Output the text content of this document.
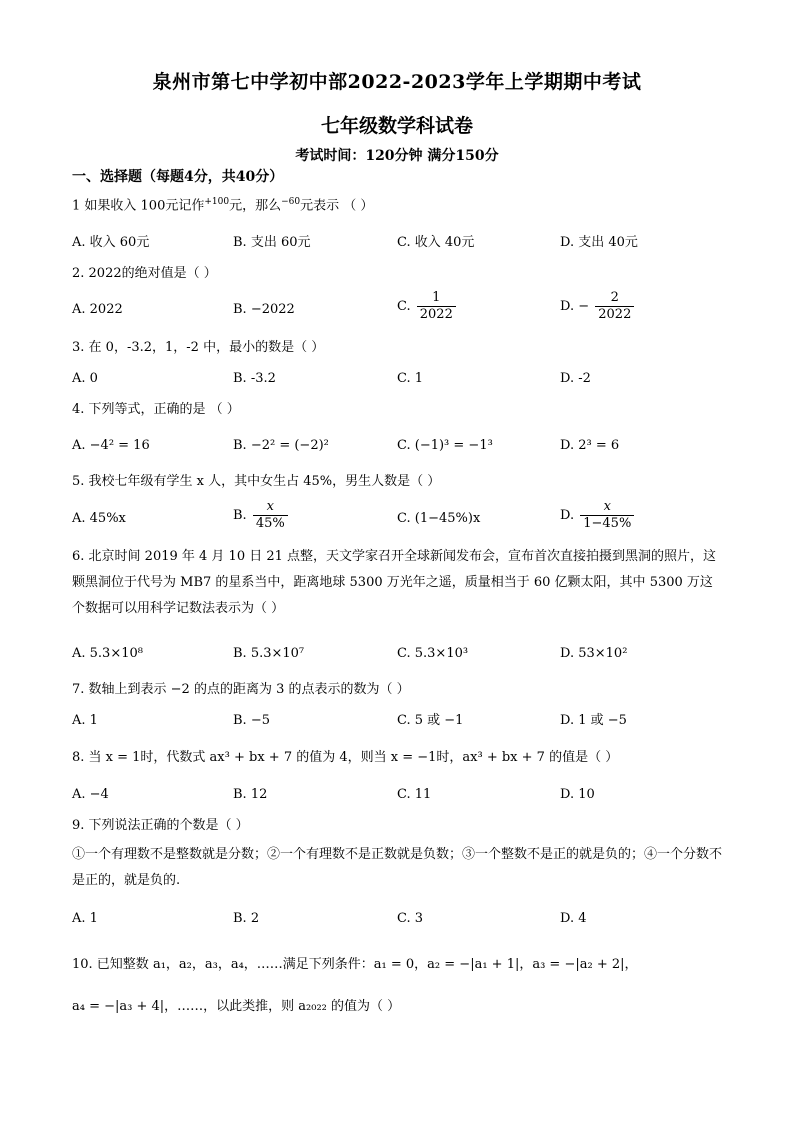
泉州市第七中学初中部2022-2023学年上学期期中考试
七年级数学科试卷
考试时间：120分钟 满分150分
一、选择题（每题4分，共40分）
1 如果收入 100元记作$^{+100}$元，那么$^{-60}$元表示 （ ）
A. 收入 60元	B. 支出 60元	C. 收入 40元	D. 支出 40元
2. 2022的绝对值是（ ）
A. 2022	B. −2022	C. $\frac{1}{2022}$	D. − $\frac{2}{2022}$
3. 在 0，-3.2，1，-2 中，最小的数是（ ）
A. 0	B. -3.2	C. 1	D. -2
4. 下列等式，正确的是 （ ）
A. −4² = 16	B. −2² = (−2)²	C. (−1)³ = −1³	D. 2³ = 6
5. 我校七年级有学生 x 人，其中女生占 45%，男生人数是（ ）
A. 45%x	B. $\frac{x}{45\%}$	C. (1−45%)x	D. $\frac{x}{1-45\%}$
6. 北京时间 2019 年 4 月 10 日 21 点整，天文学家召开全球新闻发布会，宣布首次直接拍摄到黑洞的照片，这颗黑洞位于代号为 MB7 的星系当中，距离地球 5300 万光年之遥，质量相当于 60 亿颗太阳，其中 5300 万这个数据可以用科学记数法表示为（ ）
A. 5.3×10⁸	B. 5.3×10⁷	C. 5.3×10³	D. 53×10²
7. 数轴上到表示 −2 的点的距离为 3 的点表示的数为（ ）
A. 1	B. −5	C. 5 或 −1	D. 1 或 −5
8. 当 x = 1时，代数式 ax³ + bx + 7 的值为 4，则当 x = −1时，ax³ + bx + 7 的值是（ ）
A. −4	B. 12	C. 11	D. 10
9. 下列说法正确的个数是（ ）
①一个有理数不是整数就是分数；②一个有理数不是正数就是负数；③一个整数不是正的就是负的；④一个分数不是正的，就是负的.
A. 1	B. 2	C. 3	D. 4
10. 已知整数 a₁，a₂，a₃，a₄，……满足下列条件：a₁ = 0，a₂ = −|a₁ + 1|，a₃ = −|a₂ + 2|，
a₄ = −|a₃ + 4|，……，以此类推，则 a₂₀₂₂ 的值为（ ）
